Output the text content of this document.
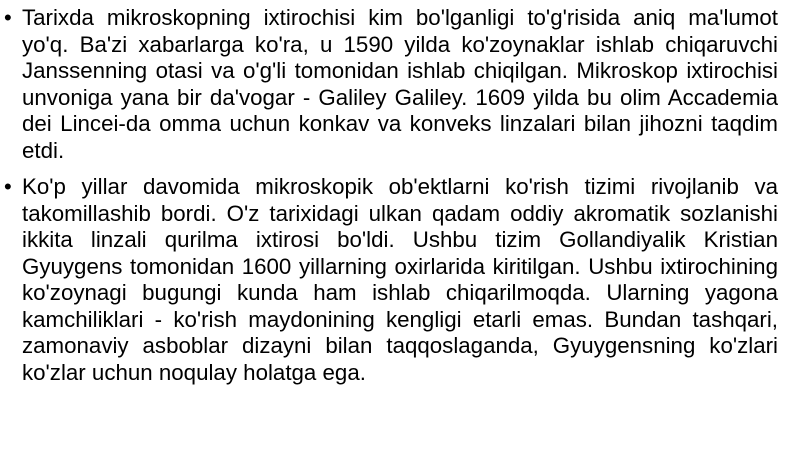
• Tarixda mikroskopning ixtirochisi kim bo'lganligi to'g'risida aniq ma'lumot yo'q. Ba'zi xabarlarga ko'ra, u 1590 yilda ko'zoynaklar ishlab chiqaruvchi Janssenning otasi va o'g'li tomonidan ishlab chiqilgan. Mikroskop ixtirochisi unvoniga yana bir da'vogar - Galiley Galiley. 1609 yilda bu olim Accademia dei Lincei-da omma uchun konkav va konveks linzalari bilan jihozni taqdim etdi.
• Ko'p yillar davomida mikroskopik ob'ektlarni ko'rish tizimi rivojlanib va takomillashib bordi. O'z tarixidagi ulkan qadam oddiy akromatik sozlanishi ikkita linzali qurilma ixtirosi bo'ldi. Ushbu tizim Gollandiyalik Kristian Gyuygens tomonidan 1600 yillarning oxirlarida kiritilgan. Ushbu ixtirochining ko'zoynagi bugungi kunda ham ishlab chiqarilmoqda. Ularning yagona kamchiliklari - ko'rish maydonining kengligi etarli emas. Bundan tashqari, zamonaviy asboblar dizayni bilan taqqoslaganda, Gyuygensning ko'zlari ko'zlar uchun noqulay holatga ega.
